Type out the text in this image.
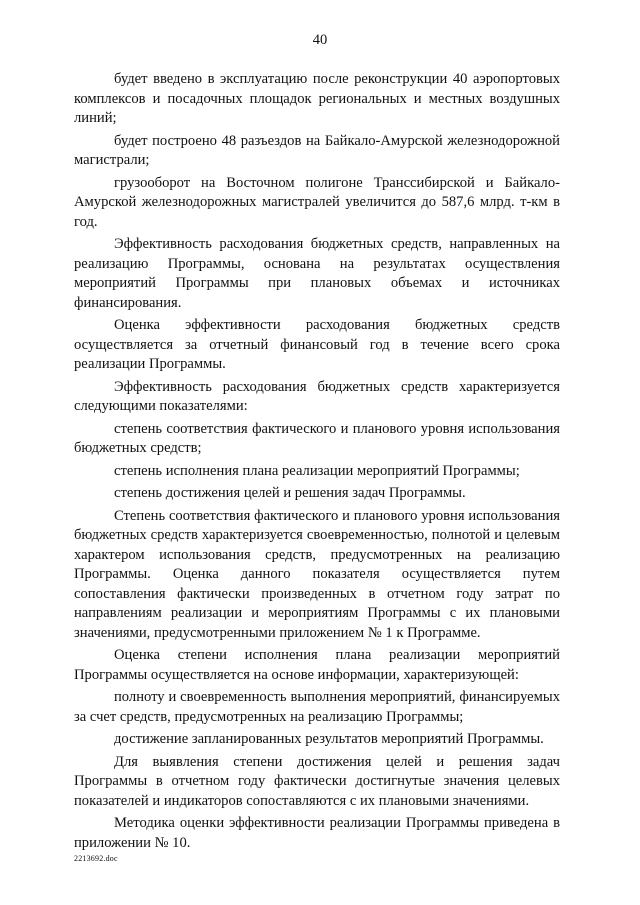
40

будет введено в эксплуатацию после реконструкции 40 аэропортовых комплексов и посадочных площадок региональных и местных воздушных линий;

будет построено 48 разъездов на Байкало-Амурской железнодорожной магистрали;

грузооборот на Восточном полигоне Транссибирской и Байкало-Амурской железнодорожных магистралей увеличится до 587,6 млрд. т-км в год.

Эффективность расходования бюджетных средств, направленных на реализацию Программы, основана на результатах осуществления мероприятий Программы при плановых объемах и источниках финансирования.

Оценка эффективности расходования бюджетных средств осуществляется за отчетный финансовый год в течение всего срока реализации Программы.

Эффективность расходования бюджетных средств характеризуется следующими показателями:

степень соответствия фактического и планового уровня использования бюджетных средств;

степень исполнения плана реализации мероприятий Программы;

степень достижения целей и решения задач Программы.

Степень соответствия фактического и планового уровня использования бюджетных средств характеризуется своевременностью, полнотой и целевым характером использования средств, предусмотренных на реализацию Программы. Оценка данного показателя осуществляется путем сопоставления фактически произведенных в отчетном году затрат по направлениям реализации и мероприятиям Программы с их плановыми значениями, предусмотренными приложением № 1 к Программе.

Оценка степени исполнения плана реализации мероприятий Программы осуществляется на основе информации, характеризующей:

полноту и своевременность выполнения мероприятий, финансируемых за счет средств, предусмотренных на реализацию Программы;

достижение запланированных результатов мероприятий Программы.

Для выявления степени достижения целей и решения задач Программы в отчетном году фактически достигнутые значения целевых показателей и индикаторов сопоставляются с их плановыми значениями.

Методика оценки эффективности реализации Программы приведена в приложении № 10.

2213692.doc
